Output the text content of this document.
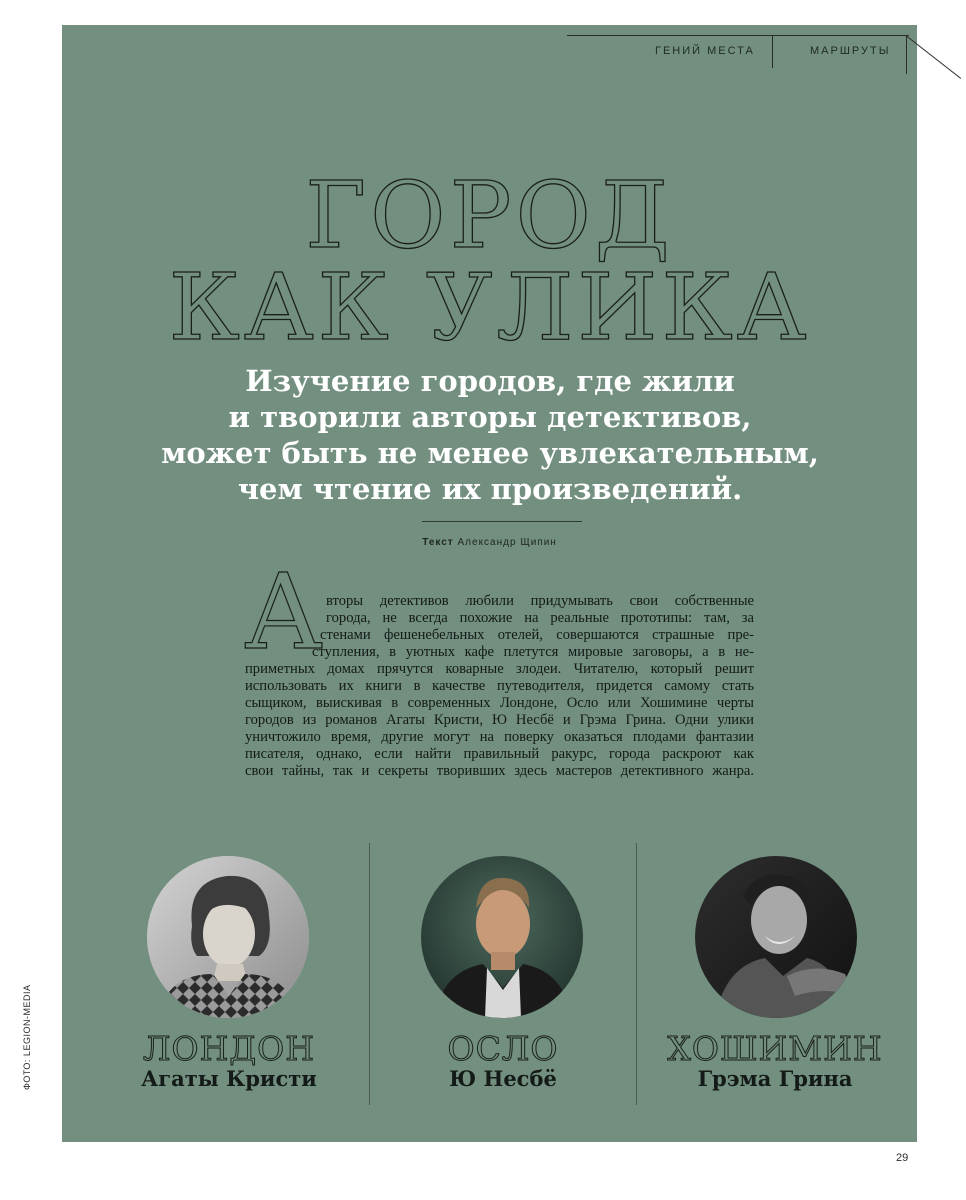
ГЕНИЙ МЕСТА	МАРШРУТЫ
ГОРОД
КАК УЛИКА
Изучение городов, где жили
и творили авторы детективов,
может быть не менее увлекательным,
чем чтение их произведений.
Текст Александр Щипин
А вторы детективов любили придумывать свои собственные
города, не всегда похожие на реальные прототипы: там, за
стенами фешенебельных отелей, совершаются страшные пре-
ступления, в уютных кафе плетутся мировые заговоры, а в не-
приметных домах прячутся коварные злодеи. Читателю, который решит
использовать их книги в качестве путеводителя, придется самому стать
сыщиком, выискивая в современных Лондоне, Осло или Хошимине черты
городов из романов Агаты Кристи, Ю Несбё и Грэма Грина. Одни улики
уничтожило время, другие могут на поверку оказаться плодами фантазии
писателя, однако, если найти правильный ракурс, города раскроют как
свои тайны, так и секреты творивших здесь мастеров детективного жанра.
ЛОНДОН
Агаты Кристи
ОСЛО
Ю Несбё
ХОШИМИН
Грэма Грина
ФОТО: LEGION-MEDIA
29
